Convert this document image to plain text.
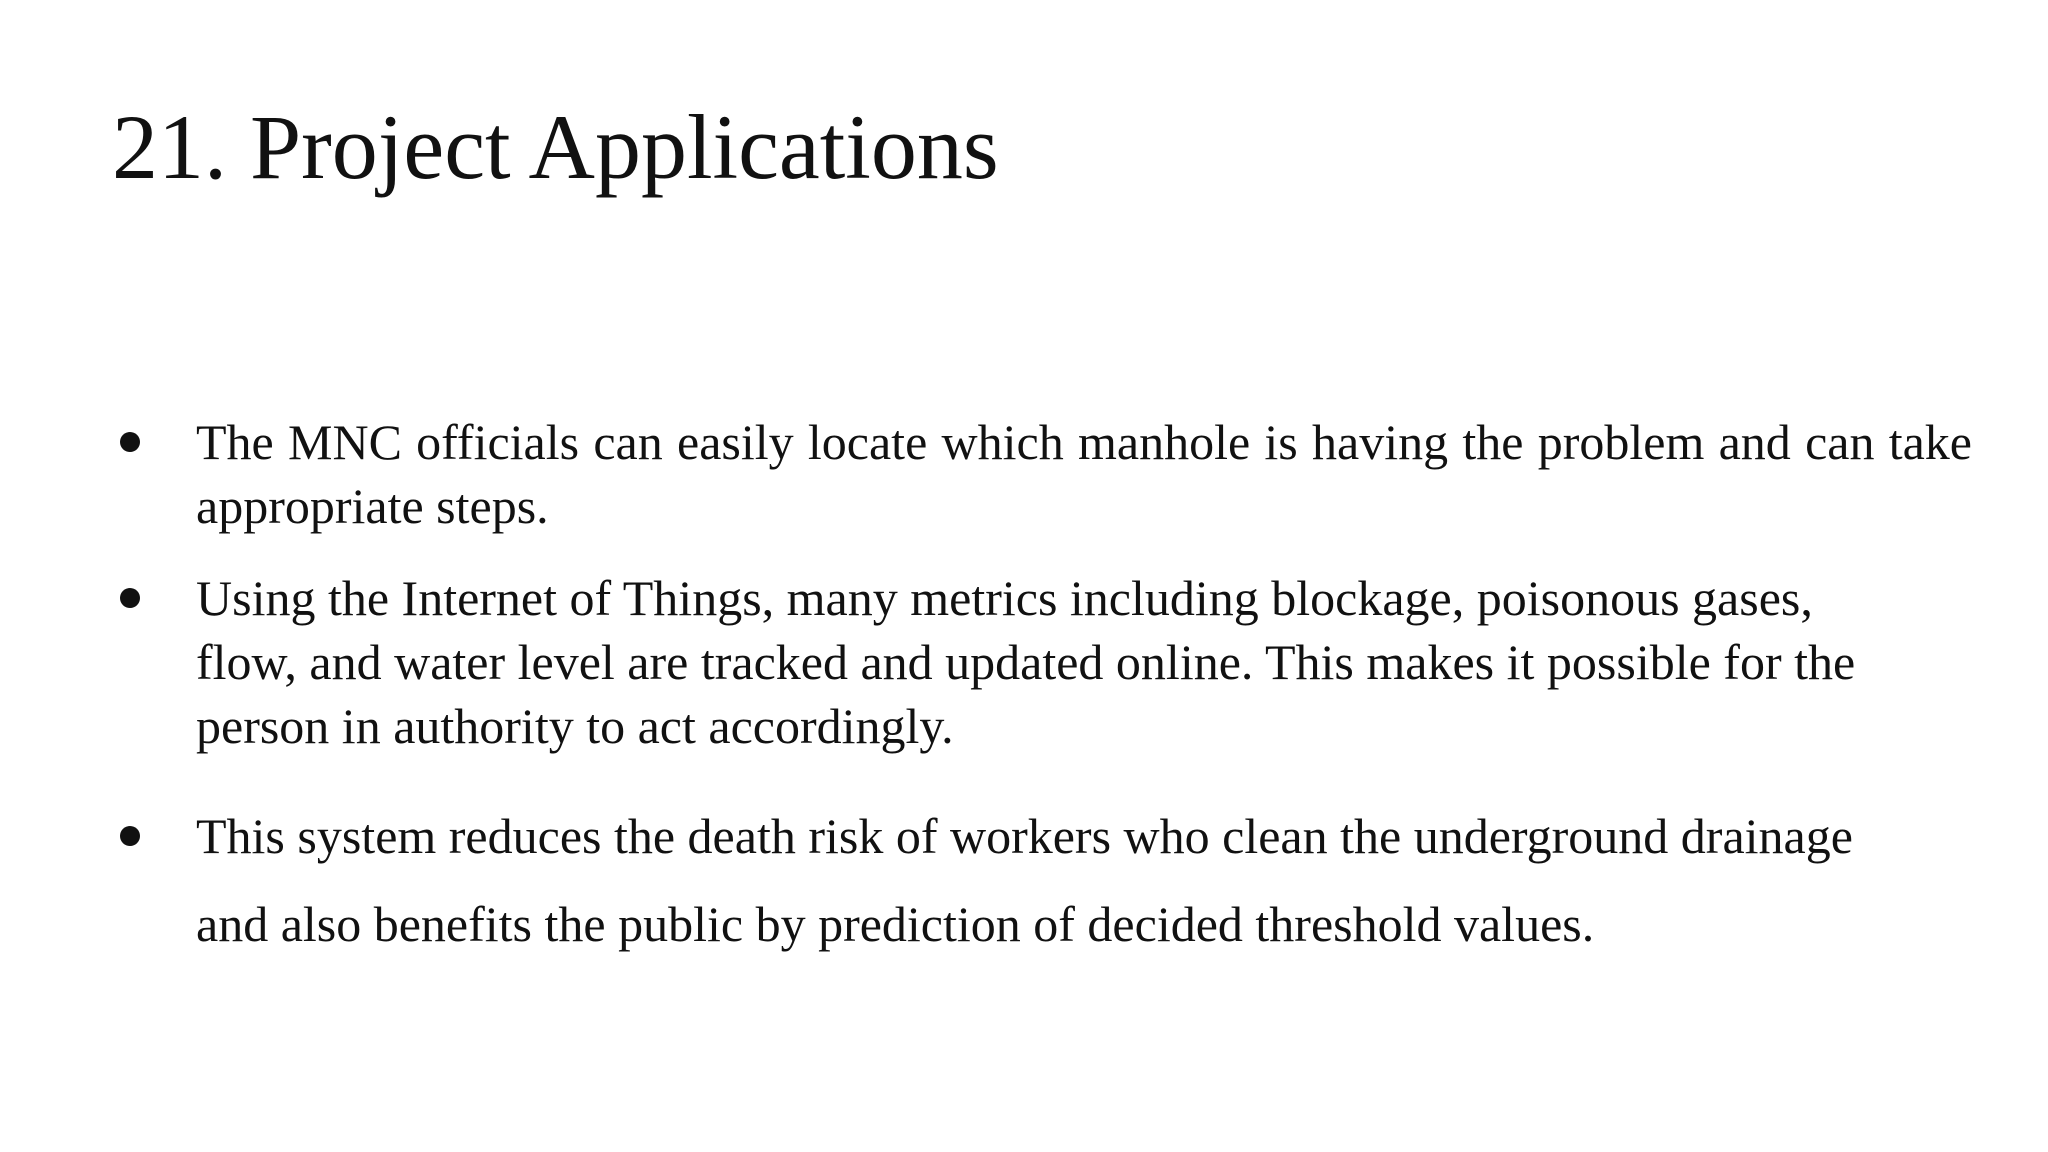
21. Project Applications
The MNC officials can easily locate which manhole is having the problem and can take appropriate steps.
Using the Internet of Things, many metrics including blockage, poisonous gases, flow, and water level are tracked and updated online. This makes it possible for the person in authority to act accordingly.
This system reduces the death risk of workers who clean the underground drainage and also benefits the public by prediction of decided threshold values.
